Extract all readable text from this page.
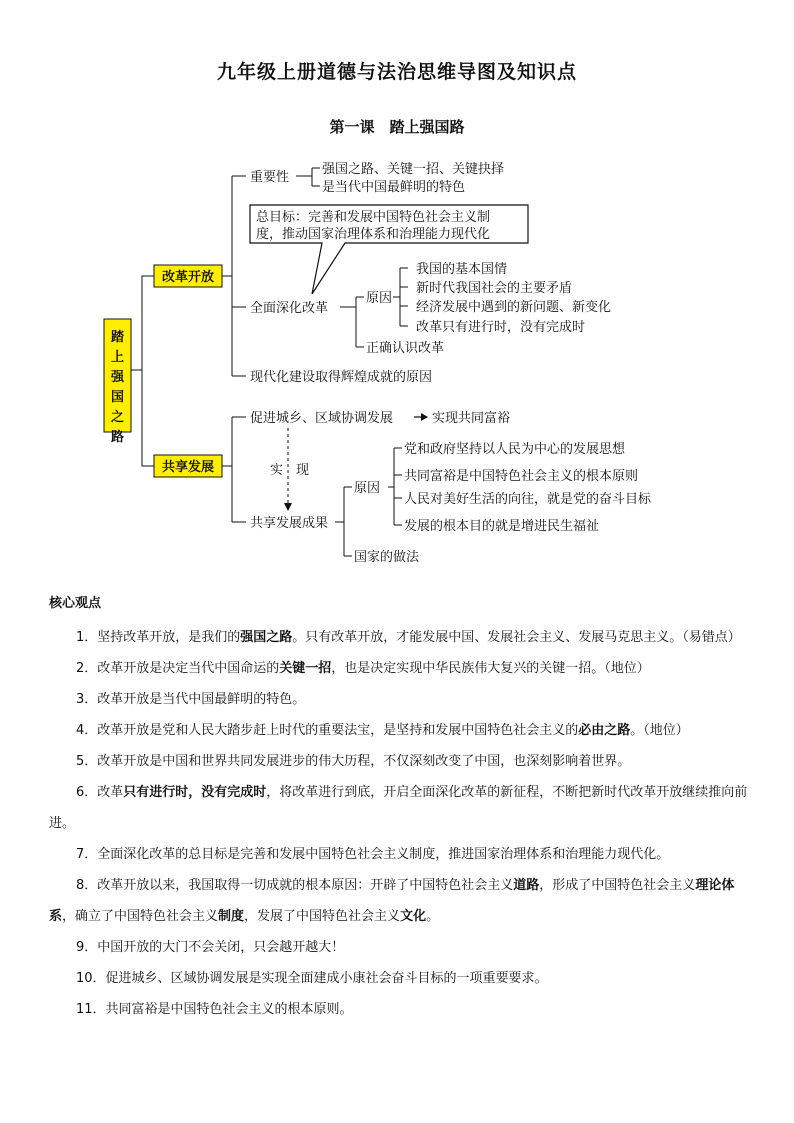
九年级上册道德与法治思维导图及知识点
第一课　踏上强国路
踏上强国之路
改革开放
共享发展
重要性
强国之路、关键一招、关键抉择
是当代中国最鲜明的特色
总目标：完善和发展中国特色社会主义制
度，推动国家治理体系和治理能力现代化
全面深化改革
原因
我国的基本国情
新时代我国社会的主要矛盾
经济发展中遇到的新问题、新变化
改革只有进行时，没有完成时
正确认识改革
现代化建设取得辉煌成就的原因
促进城乡、区域协调发展	实现共同富裕
实　现
共享发展成果
原因
党和政府坚持以人民为中心的发展思想
共同富裕是中国特色社会主义的根本原则
人民对美好生活的向往，就是党的奋斗目标
发展的根本目的就是增进民生福祉
国家的做法
核心观点

1．坚持改革开放，是我们的强国之路。只有改革开放，才能发展中国、发展社会主义、发展马克思主义。（易错点）

2．改革开放是决定当代中国命运的关键一招，也是决定实现中华民族伟大复兴的关键一招。（地位）

3．改革开放是当代中国最鲜明的特色。

4．改革开放是党和人民大踏步赶上时代的重要法宝，是坚持和发展中国特色社会主义的必由之路。（地位）

5．改革开放是中国和世界共同发展进步的伟大历程，不仅深刻改变了中国，也深刻影响着世界。

6．改革只有进行时，没有完成时，将改革进行到底，开启全面深化改革的新征程，不断把新时代改革开放继续推向前进。

7．全面深化改革的总目标是完善和发展中国特色社会主义制度，推进国家治理体系和治理能力现代化。

8．改革开放以来，我国取得一切成就的根本原因：开辟了中国特色社会主义道路，形成了中国特色社会主义理论体系，确立了中国特色社会主义制度，发展了中国特色社会主义文化。

9．中国开放的大门不会关闭，只会越开越大！

10．促进城乡、区域协调发展是实现全面建成小康社会奋斗目标的一项重要要求。

11．共同富裕是中国特色社会主义的根本原则。
